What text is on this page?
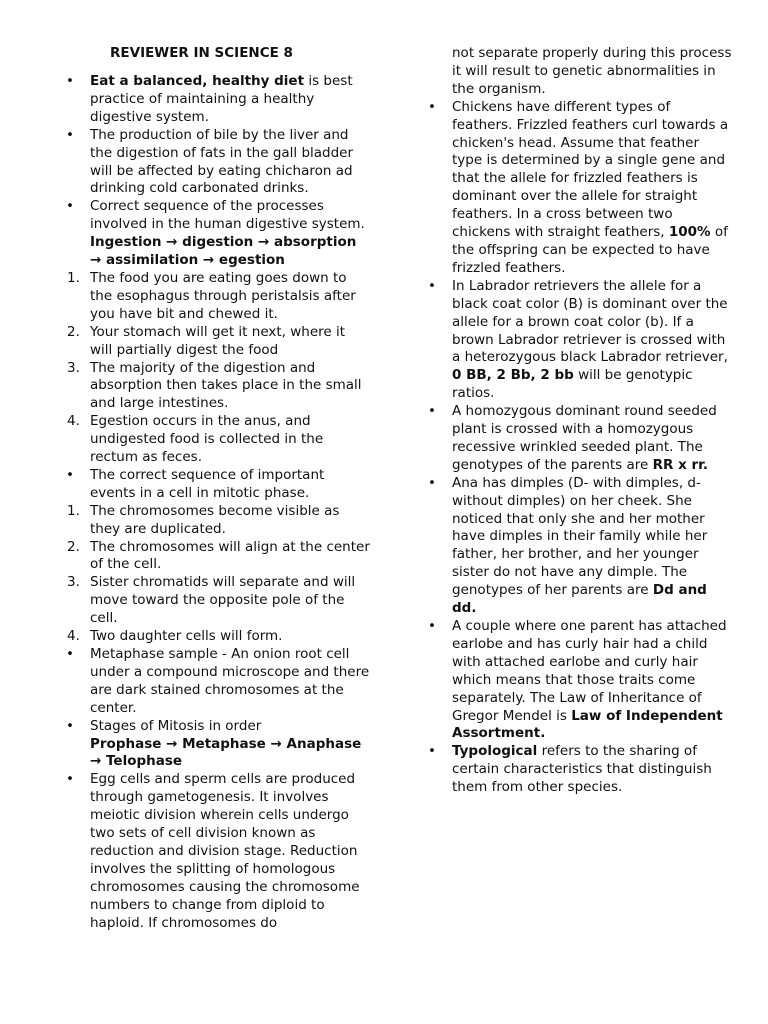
REVIEWER IN SCIENCE 8
•	Eat a balanced, healthy diet is best practice of maintaining a healthy digestive system.
•	The production of bile by the liver and the digestion of fats in the gall bladder will be affected by eating chicharon ad drinking cold carbonated drinks.
•	Correct sequence of the processes involved in the human digestive system.
Ingestion → digestion → absorption → assimilation → egestion
1. The food you are eating goes down to the esophagus through peristalsis after you have bit and chewed it.
2. Your stomach will get it next, where it will partially digest the food
3. The majority of the digestion and absorption then takes place in the small and large intestines.
4. Egestion occurs in the anus, and undigested food is collected in the rectum as feces.
•	The correct sequence of important events in a cell in mitotic phase.
1. The chromosomes become visible as they are duplicated.
2. The chromosomes will align at the center of the cell.
3. Sister chromatids will separate and will move toward the opposite pole of the cell.
4. Two daughter cells will form.
•	Metaphase sample - An onion root cell under a compound microscope and there are dark stained chromosomes at the center.
•	Stages of Mitosis in order
Prophase → Metaphase → Anaphase → Telophase
•	Egg cells and sperm cells are produced through gametogenesis. It involves meiotic division wherein cells undergo two sets of cell division known as reduction and division stage. Reduction involves the splitting of homologous chromosomes causing the chromosome numbers to change from diploid to haploid. If chromosomes do
not separate properly during this process it will result to genetic abnormalities in the organism.
•	Chickens have different types of feathers. Frizzled feathers curl towards a chicken's head. Assume that feather type is determined by a single gene and that the allele for frizzled feathers is dominant over the allele for straight feathers. In a cross between two chickens with straight feathers, 100% of the offspring can be expected to have frizzled feathers.
•	In Labrador retrievers the allele for a black coat color (B) is dominant over the allele for a brown coat color (b). If a brown Labrador retriever is crossed with a heterozygous black Labrador retriever, 0 BB, 2 Bb, 2 bb will be genotypic ratios.
•	A homozygous dominant round seeded plant is crossed with a homozygous recessive wrinkled seeded plant. The genotypes of the parents are RR x rr.
•	Ana has dimples (D- with dimples, d- without dimples) on her cheek. She noticed that only she and her mother have dimples in their family while her father, her brother, and her younger sister do not have any dimple. The genotypes of her parents are Dd and dd.
•	A couple where one parent has attached earlobe and has curly hair had a child with attached earlobe and curly hair which means that those traits come separately. The Law of Inheritance of Gregor Mendel is Law of Independent Assortment.
•	Typological refers to the sharing of certain characteristics that distinguish them from other species.
